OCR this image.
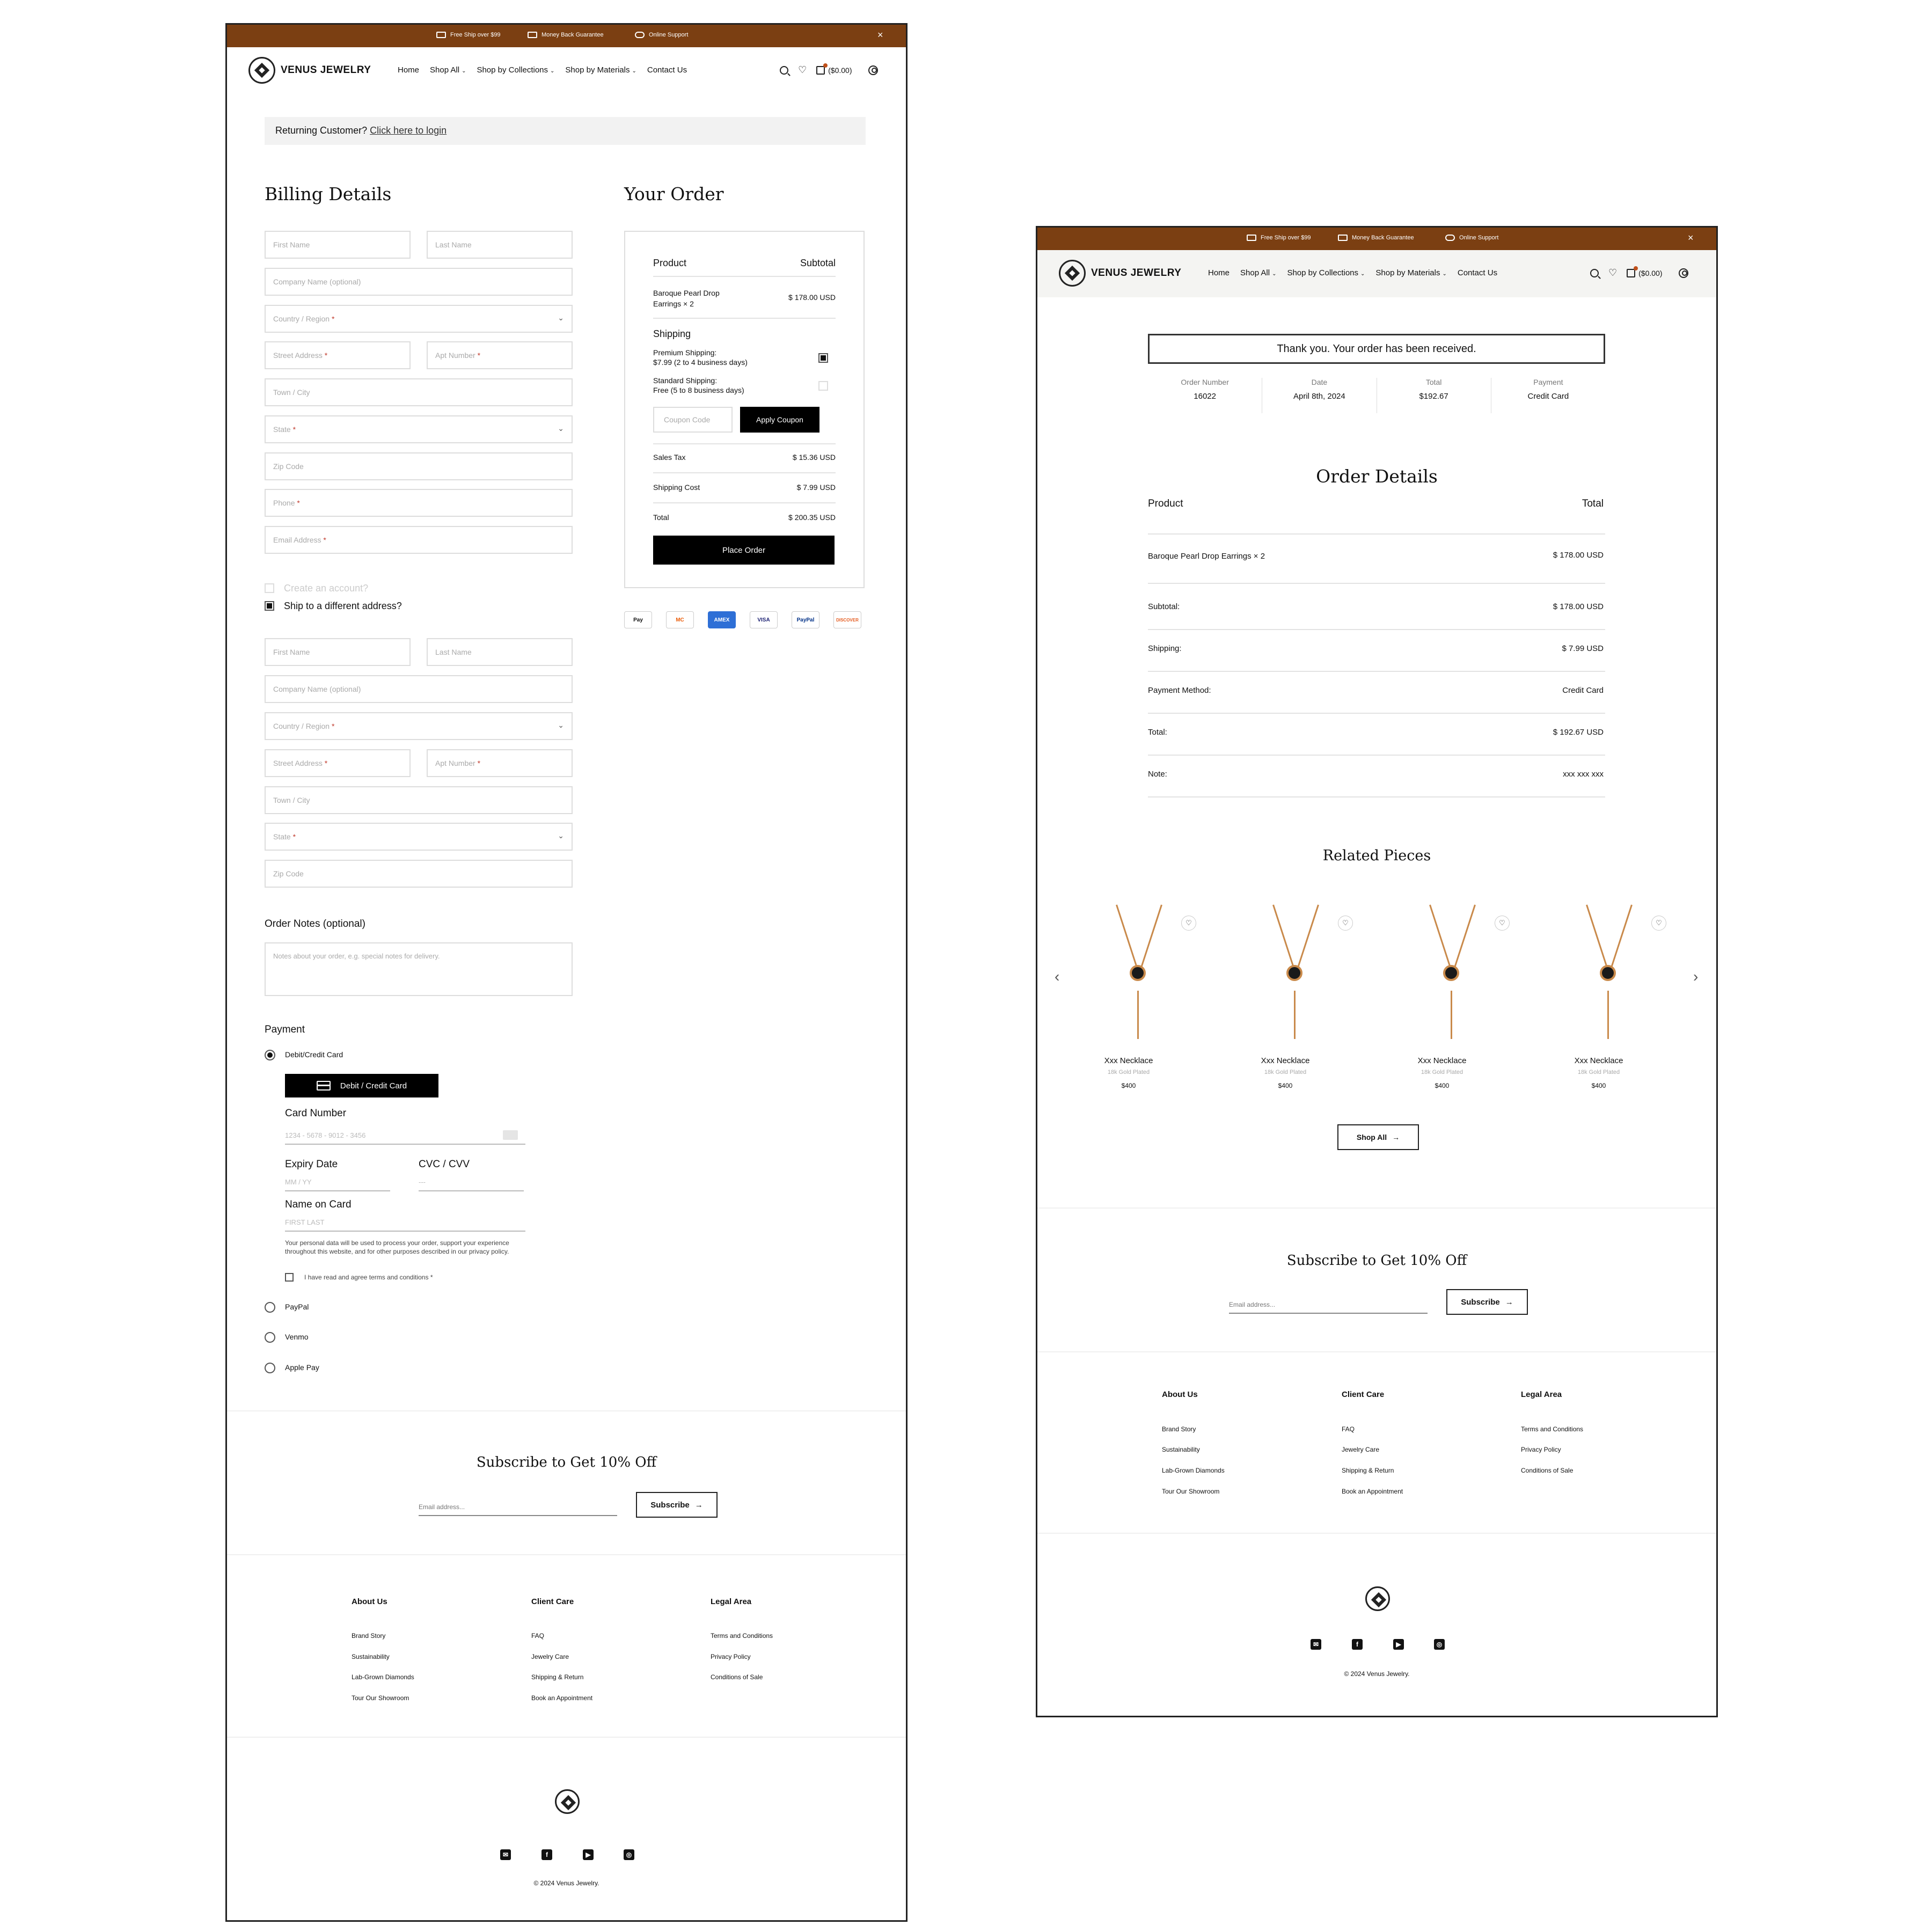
Free Ship over $99	Money Back Guarantee	Online Support	×
VENUS JEWELRY	Home Shop All ⌄ Shop by Collections ⌄ Shop by Materials ⌄ Contact Us	♡	($0.00)
Returning Customer? Click here to login
Billing Details	Your Order
First Name	Last Name
Company Name (optional)
Country / Region *	⌄
Street Address *	Apt Number *
Town / City
State *	⌄
Zip Code
Phone *
Email Address *
Create an account?
Ship to a different address?
First Name	Last Name
Company Name (optional)
Country / Region *	⌄
Street Address *	Apt Number *
Town / City
State *	⌄
Zip Code
Order Notes (optional)
Notes about your order, e.g. special notes for delivery.
Payment
Debit/Credit Card
Debit / Credit Card
Card Number
1234 - 5678 - 9012 - 3456
Expiry Date	CVC / CVV
MM / YY	---
Name on Card
FIRST LAST
Your personal data will be used to process your order, support your experience throughout this website, and for other purposes described in our privacy policy.
I have read and agree terms and conditions *
PayPal
Venmo
Apple Pay
Product	Subtotal
Baroque Pearl Drop
Earrings × 2
$ 178.00 USD
Shipping
Premium Shipping:
$7.99 (2 to 4 business days)
Standard Shipping:
Free (5 to 8 business days)
Coupon Code	Apply Coupon
Sales Tax	$ 15.36 USD
Shipping Cost	$ 7.99 USD
Total	$ 200.35 USD
Place Order
Pay	MC	AMEX	VISA	PayPal	DISCOVER
Subscribe to Get 10% Off
Email address...	Subscribe →
About Us
Brand Story
Sustainability
Lab-Grown Diamonds
Tour Our Showroom
Client Care
FAQ
Jewelry Care
Shipping & Return
Book an Appointment
Legal Area
Terms and Conditions
Privacy Policy
Conditions of Sale
✉	f	▶	◎
© 2024 Venus Jewelry.
Free Ship over $99	Money Back Guarantee	Online Support	×
VENUS JEWELRY	Home Shop All ⌄ Shop by Collections ⌄ Shop by Materials ⌄ Contact Us	♡	($0.00)
Thank you. Your order has been received.
Order Number
16022
Date
April 8th, 2024
Total
$192.67
Payment
Credit Card
Order Details
Product	Total
Baroque Pearl Drop Earrings × 2	$ 178.00 USD
Subtotal:	$ 178.00 USD
Shipping:	$ 7.99 USD
Payment Method:	Credit Card
Total:	$ 192.67 USD
Note:	xxx xxx xxx
Related Pieces
‹	›
♡
Xxx Necklace
18k Gold Plated
$400
♡
Xxx Necklace
18k Gold Plated
$400
♡
Xxx Necklace
18k Gold Plated
$400
♡
Xxx Necklace
18k Gold Plated
$400
Shop All →
Subscribe to Get 10% Off
Email address...	Subscribe →
About Us
Brand Story
Sustainability
Lab-Grown Diamonds
Tour Our Showroom
Client Care
FAQ
Jewelry Care
Shipping & Return
Book an Appointment
Legal Area
Terms and Conditions
Privacy Policy
Conditions of Sale
✉	f	▶	◎
© 2024 Venus Jewelry.
